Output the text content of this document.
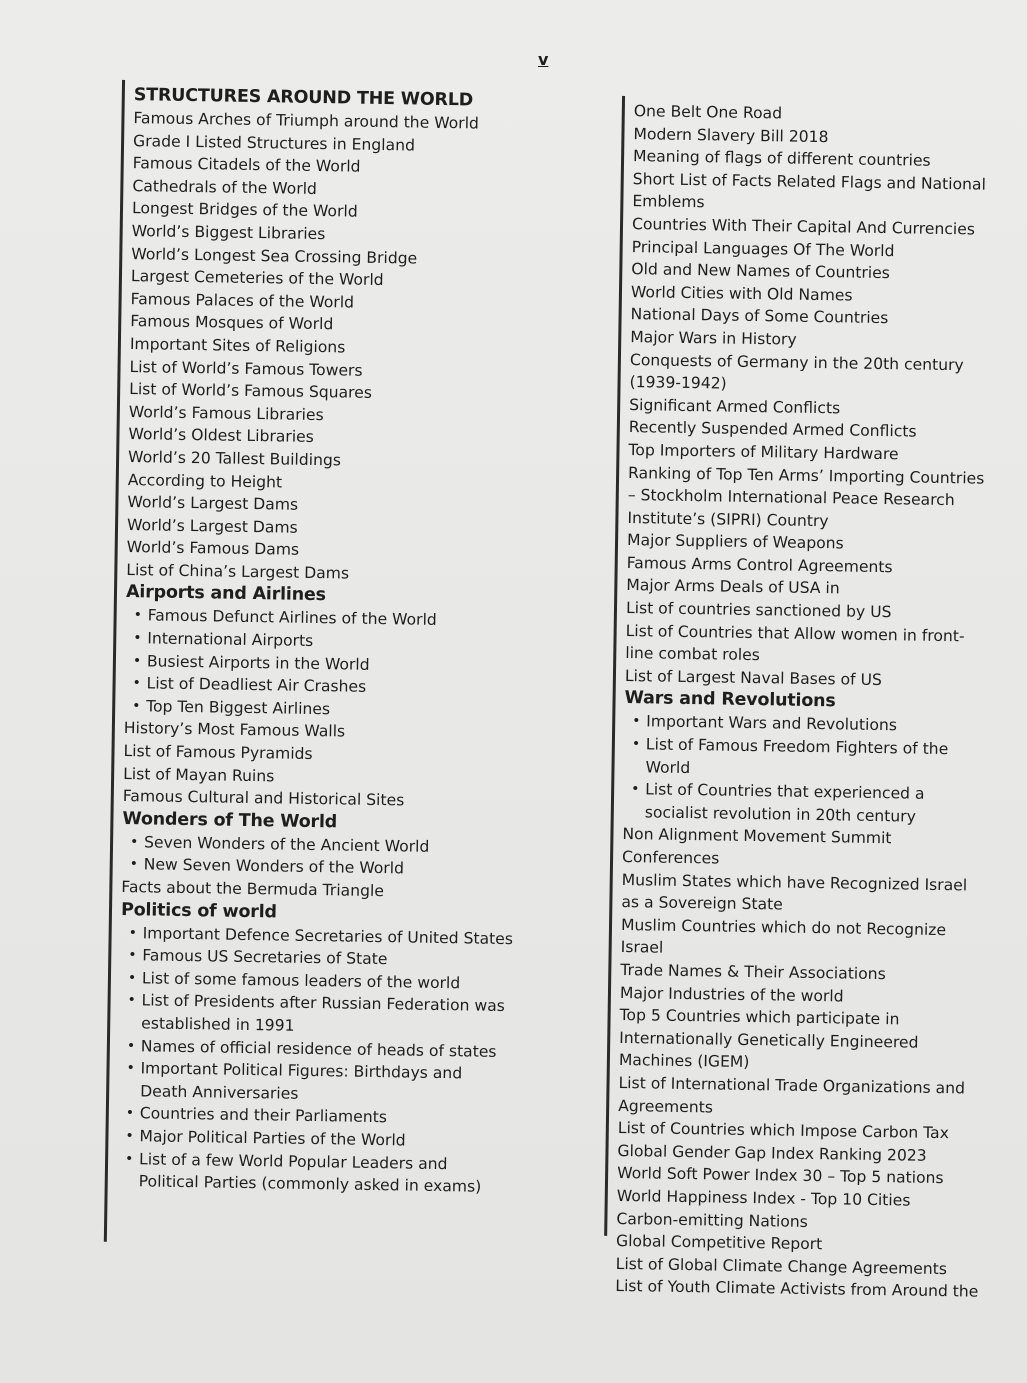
v
STRUCTURES AROUND THE WORLD
Famous Arches of Triumph around the World
Grade I Listed Structures in England
Famous Citadels of the World
Cathedrals of the World
Longest Bridges of the World
World’s Biggest Libraries
World’s Longest Sea Crossing Bridge
Largest Cemeteries of the World
Famous Palaces of the World
Famous Mosques of World
Important Sites of Religions
List of World’s Famous Towers
List of World’s Famous Squares
World’s Famous Libraries
World’s Oldest Libraries
World’s 20 Tallest Buildings
According to Height
World’s Largest Dams
World’s Largest Dams
World’s Famous Dams
List of China’s Largest Dams
Airports and Airlines
• Famous Defunct Airlines of the World
• International Airports
• Busiest Airports in the World
• List of Deadliest Air Crashes
• Top Ten Biggest Airlines
History’s Most Famous Walls
List of Famous Pyramids
List of Mayan Ruins
Famous Cultural and Historical Sites
Wonders of The World
• Seven Wonders of the Ancient World
• New Seven Wonders of the World
Facts about the Bermuda Triangle
Politics of world
• Important Defence Secretaries of United States
• Famous US Secretaries of State
• List of some famous leaders of the world
• List of Presidents after Russian Federation was established in 1991
• Names of official residence of heads of states
• Important Political Figures: Birthdays and Death Anniversaries
• Countries and their Parliaments
• Major Political Parties of the World
• List of a few World Popular Leaders and Political Parties (commonly asked in exams)
One Belt One Road
Modern Slavery Bill 2018
Meaning of flags of different countries
Short List of Facts Related Flags and National Emblems
Countries With Their Capital And Currencies
Principal Languages Of The World
Old and New Names of Countries
World Cities with Old Names
National Days of Some Countries
Major Wars in History
Conquests of Germany in the 20th century (1939-1942)
Significant Armed Conflicts
Recently Suspended Armed Conflicts
Top Importers of Military Hardware
Ranking of Top Ten Arms’ Importing Countries – Stockholm International Peace Research Institute’s (SIPRI) Country
Major Suppliers of Weapons
Famous Arms Control Agreements
Major Arms Deals of USA in
List of countries sanctioned by US
List of Countries that Allow women in front-line combat roles
List of Largest Naval Bases of US
Wars and Revolutions
• Important Wars and Revolutions
• List of Famous Freedom Fighters of the World
• List of Countries that experienced a socialist revolution in 20th century
Non Alignment Movement Summit Conferences
Muslim States which have Recognized Israel as a Sovereign State
Muslim Countries which do not Recognize Israel
Trade Names & Their Associations
Major Industries of the world
Top 5 Countries which participate in Internationally Genetically Engineered Machines (IGEM)
List of International Trade Organizations and Agreements
List of Countries which Impose Carbon Tax
Global Gender Gap Index Ranking 2023
World Soft Power Index 30 – Top 5 nations
World Happiness Index - Top 10 Cities
Carbon-emitting Nations
Global Competitive Report
List of Global Climate Change Agreements
List of Youth Climate Activists from Around the
